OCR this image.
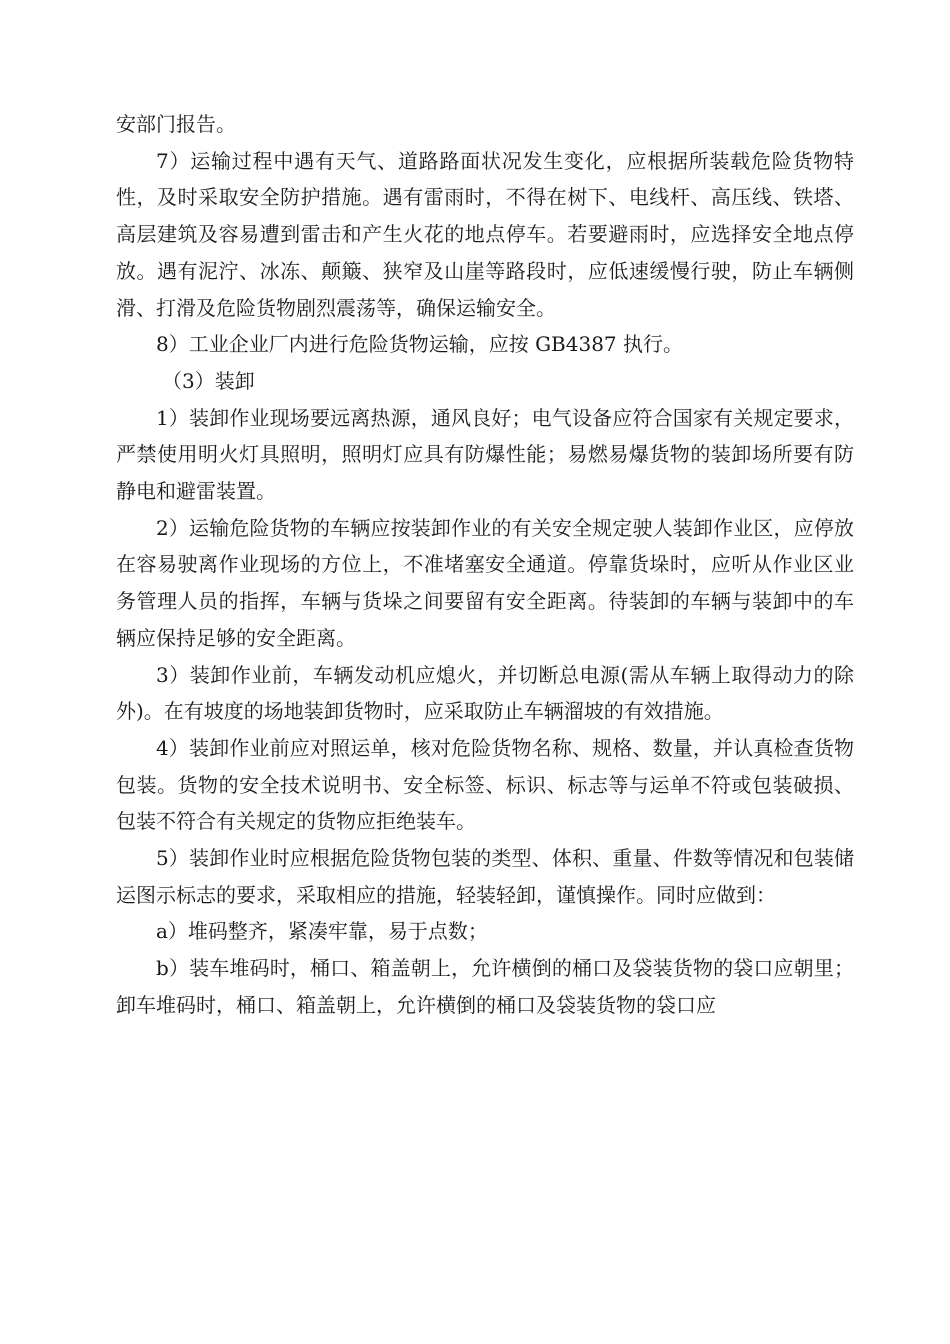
安部门报告。

7）运输过程中遇有天气、道路路面状况发生变化，应根据所装载危险货物特性，及时采取安全防护措施。遇有雷雨时，不得在树下、电线杆、高压线、铁塔、高层建筑及容易遭到雷击和产生火花的地点停车。若要避雨时，应选择安全地点停放。遇有泥泞、冰冻、颠簸、狭窄及山崖等路段时，应低速缓慢行驶，防止车辆侧滑、打滑及危险货物剧烈震荡等，确保运输安全。

8）工业企业厂内进行危险货物运输，应按 GB4387 执行。

（3）装卸

1）装卸作业现场要远离热源，通风良好；电气设备应符合国家有关规定要求，严禁使用明火灯具照明，照明灯应具有防爆性能；易燃易爆货物的装卸场所要有防静电和避雷装置。

2）运输危险货物的车辆应按装卸作业的有关安全规定驶人装卸作业区，应停放在容易驶离作业现场的方位上，不准堵塞安全通道。停靠货垛时，应听从作业区业务管理人员的指挥，车辆与货垛之间要留有安全距离。待装卸的车辆与装卸中的车辆应保持足够的安全距离。

3）装卸作业前，车辆发动机应熄火，并切断总电源(需从车辆上取得动力的除外)。在有坡度的场地装卸货物时，应采取防止车辆溜坡的有效措施。

4）装卸作业前应对照运单，核对危险货物名称、规格、数量，并认真检查货物包装。货物的安全技术说明书、安全标签、标识、标志等与运单不符或包装破损、包装不符合有关规定的货物应拒绝装车。

5）装卸作业时应根据危险货物包装的类型、体积、重量、件数等情况和包装储运图示标志的要求，采取相应的措施，轻装轻卸，谨慎操作。同时应做到：

a）堆码整齐，紧凑牢靠，易于点数；

b）装车堆码时，桶口、箱盖朝上，允许横倒的桶口及袋装货物的袋口应朝里；卸车堆码时，桶口、箱盖朝上，允许横倒的桶口及袋装货物的袋口应
